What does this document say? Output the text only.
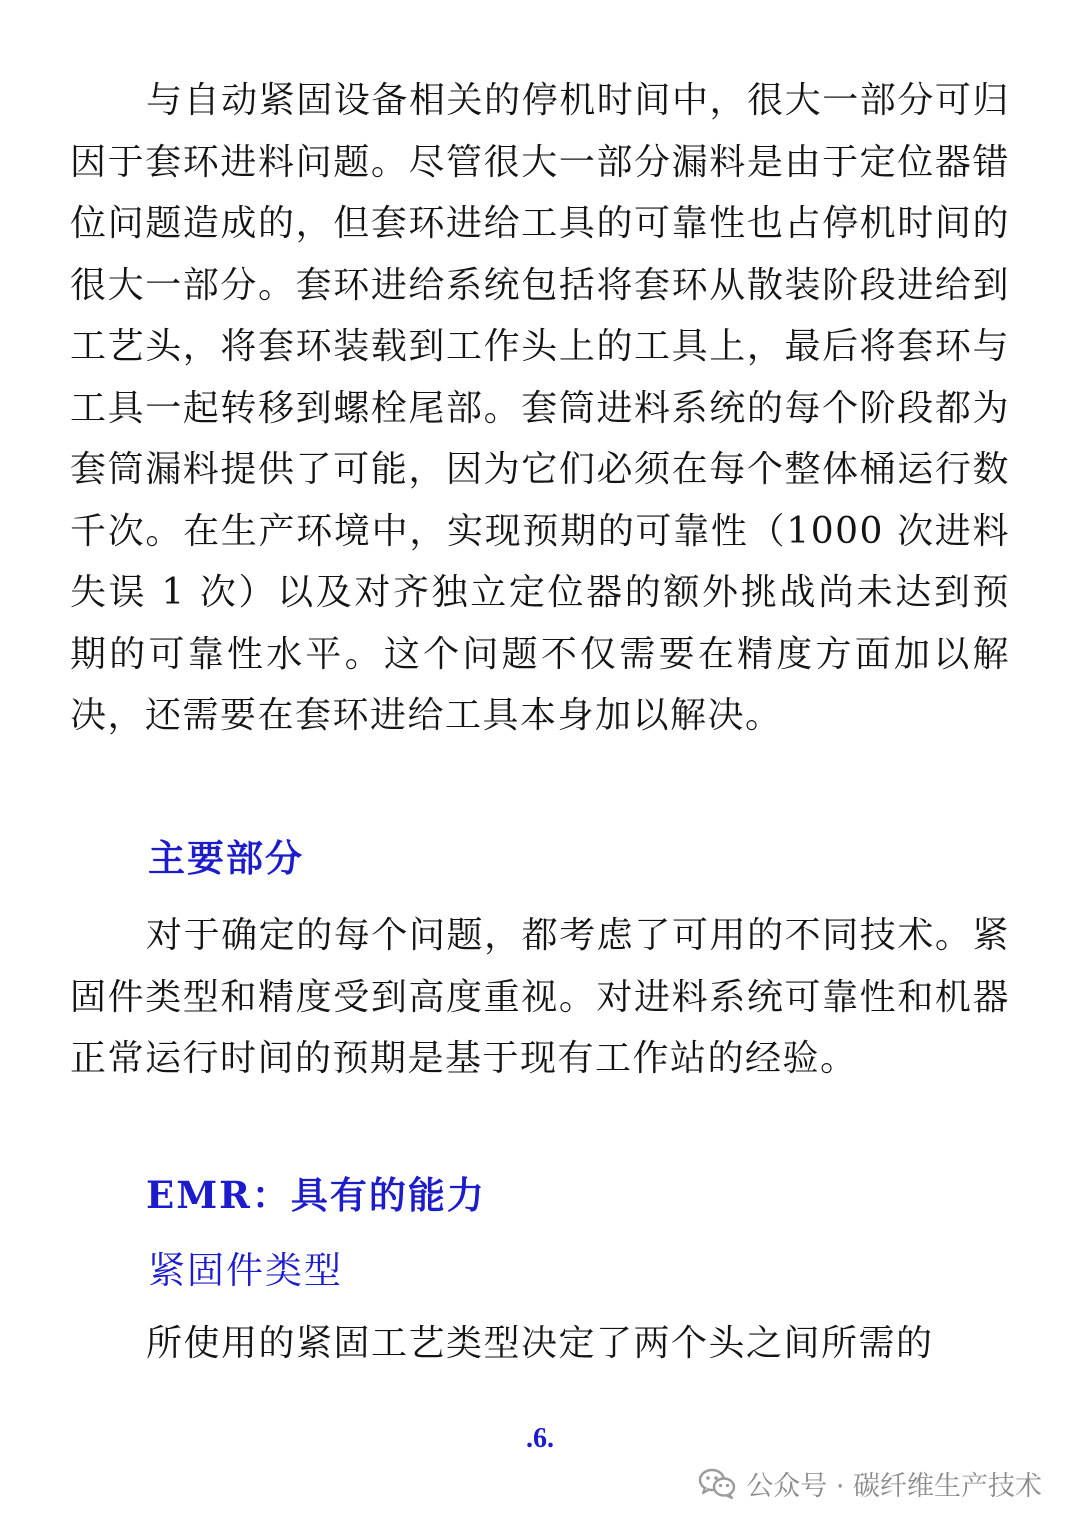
与自动紧固设备相关的停机时间中，很大一部分可归因于套环进料问题。尽管很大一部分漏料是由于定位器错位问题造成的，但套环进给工具的可靠性也占停机时间的很大一部分。套环进给系统包括将套环从散装阶段进给到工艺头，将套环装载到工作头上的工具上，最后将套环与工具一起转移到螺栓尾部。套筒进料系统的每个阶段都为套筒漏料提供了可能，因为它们必须在每个整体桶运行数千次。在生产环境中，实现预期的可靠性（1000 次进料失误 1 次）以及对齐独立定位器的额外挑战尚未达到预期的可靠性水平。这个问题不仅需要在精度方面加以解决，还需要在套环进给工具本身加以解决。

主要部分

对于确定的每个问题，都考虑了可用的不同技术。紧固件类型和精度受到高度重视。对进料系统可靠性和机器正常运行时间的预期是基于现有工作站的经验。

EMR：具有的能力
紧固件类型

所使用的紧固工艺类型决定了两个头之间所需的

.6.
公众号 · 碳纤维生产技术
